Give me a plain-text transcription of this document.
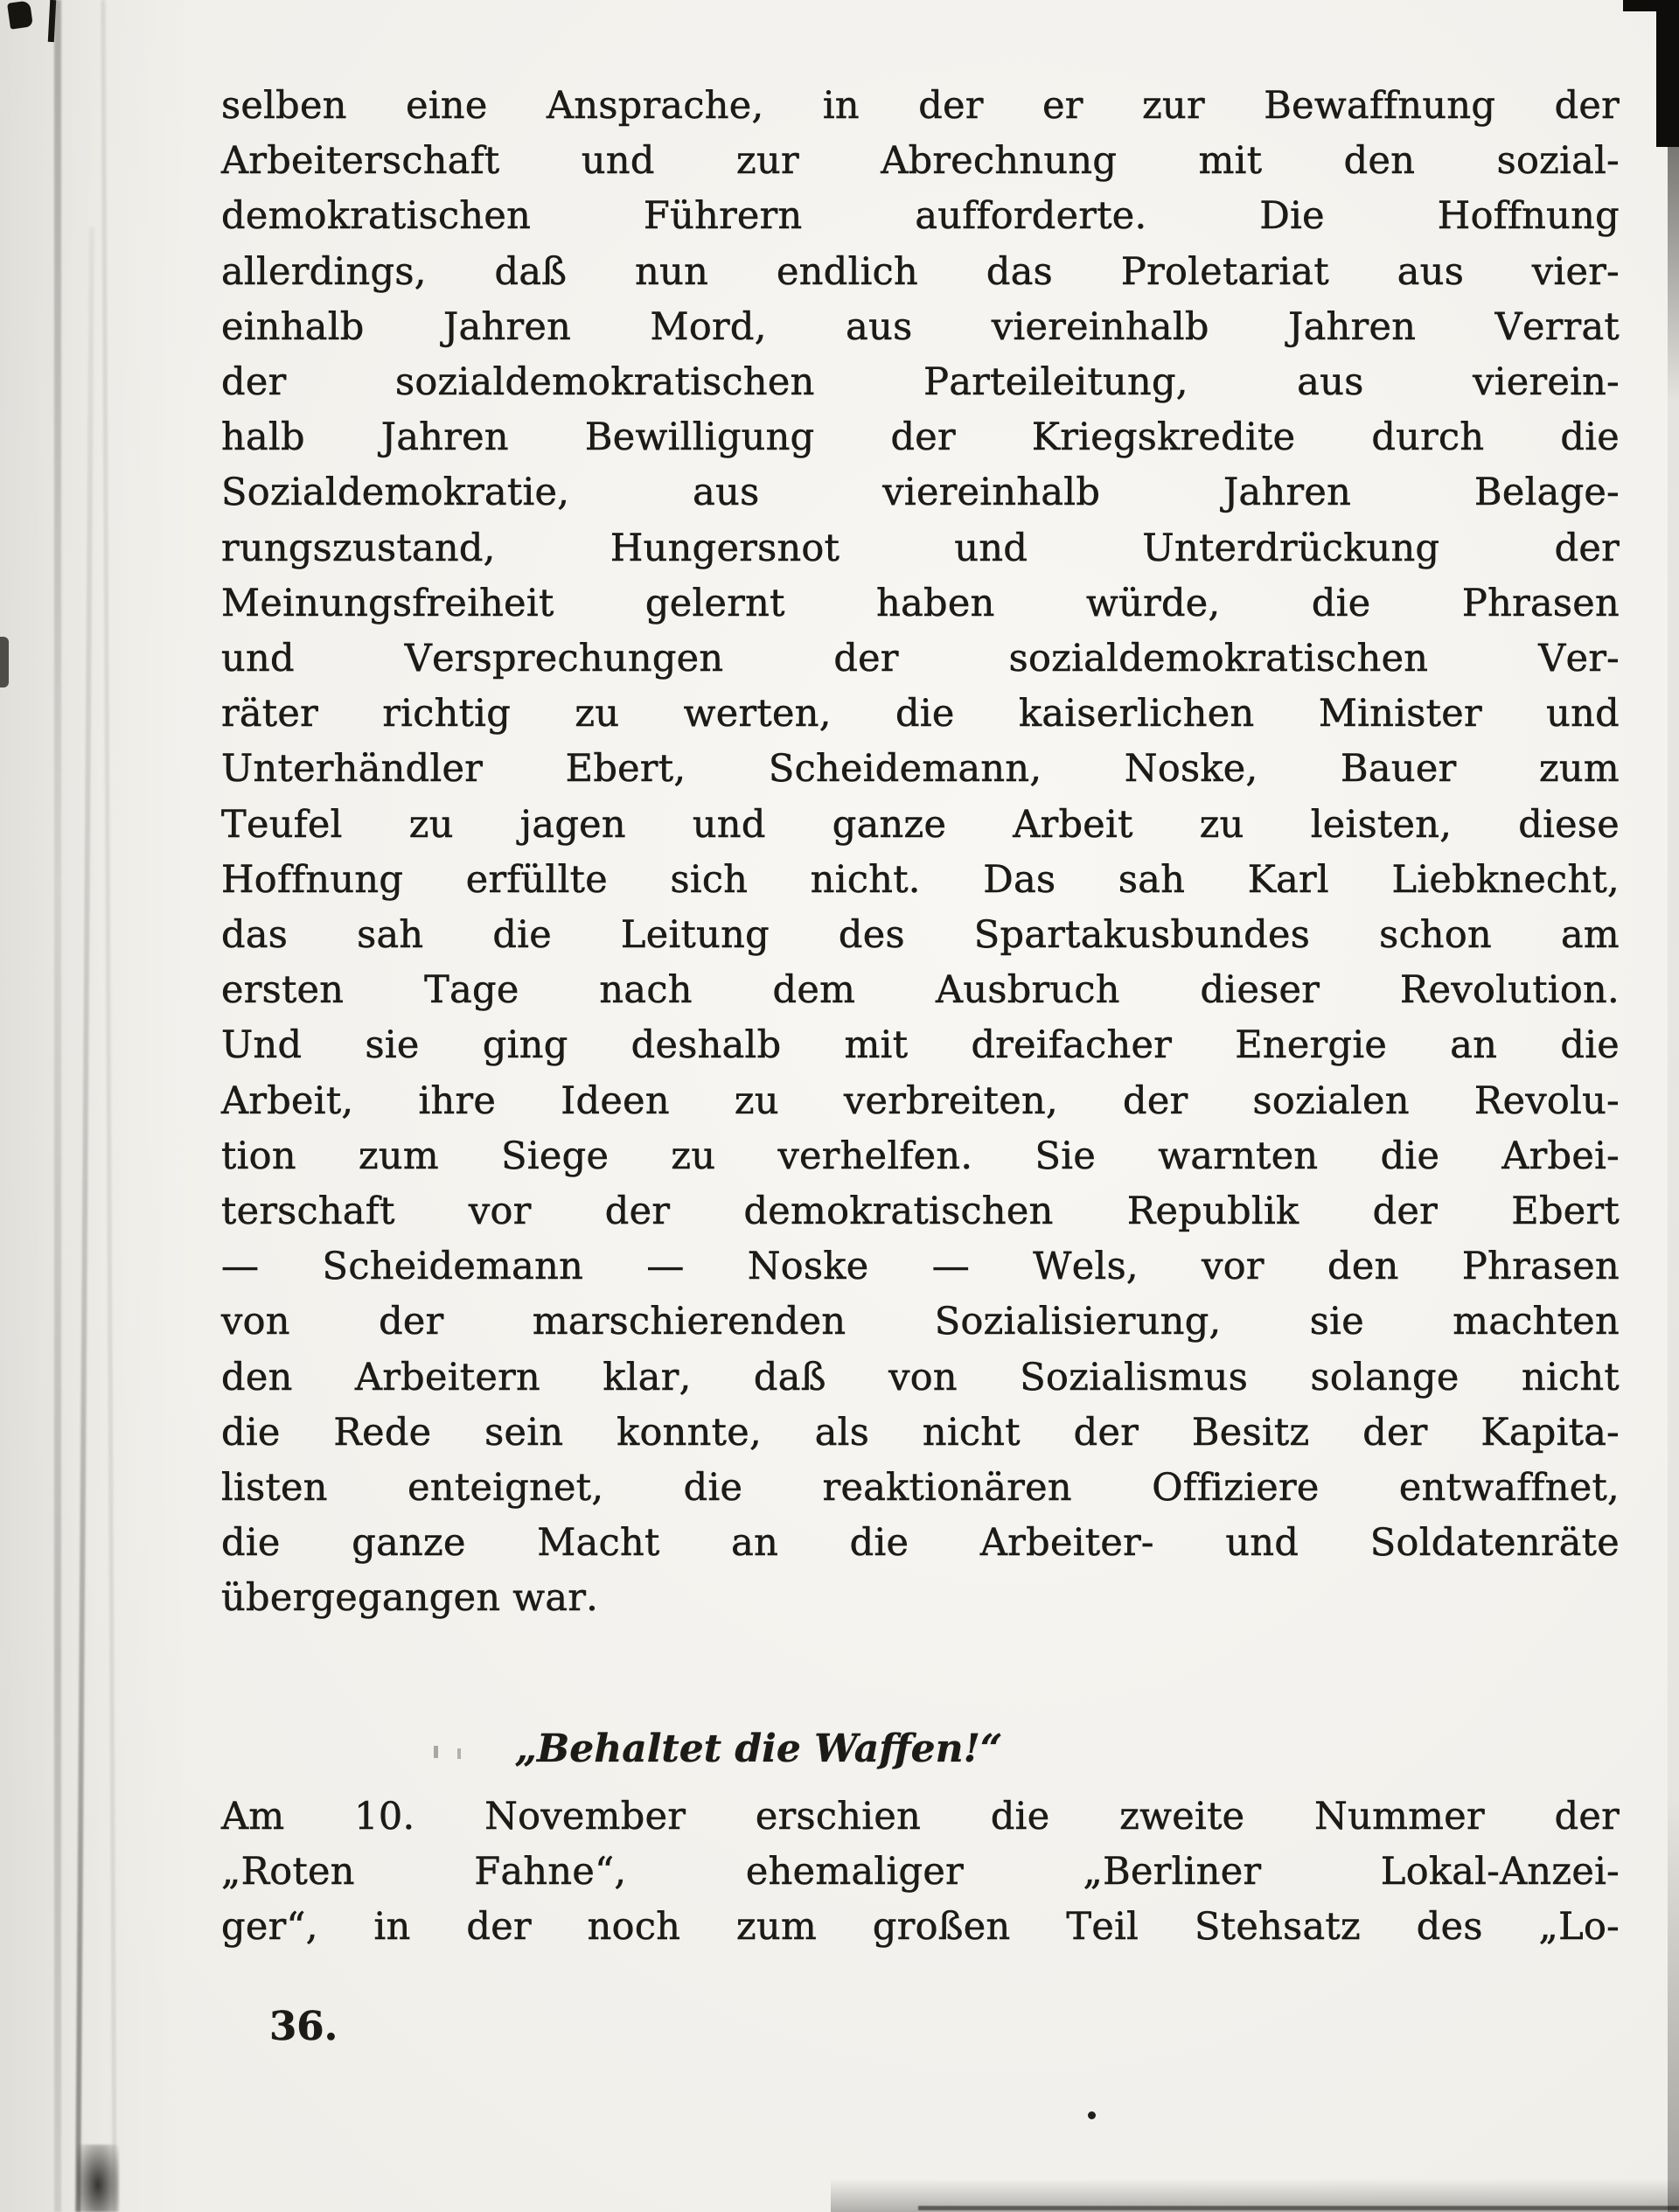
selben eine Ansprache, in der er zur Bewaffnung der
Arbeiterschaft und zur Abrechnung mit den sozial-
demokratischen Führern aufforderte. Die Hoffnung
allerdings, daß nun endlich das Proletariat aus vier-
einhalb Jahren Mord, aus viereinhalb Jahren Verrat
der sozialdemokratischen Parteileitung, aus vierein-
halb Jahren Bewilligung der Kriegskredite durch die
Sozialdemokratie, aus viereinhalb Jahren Belage-
rungszustand, Hungersnot und Unterdrückung der
Meinungsfreiheit gelernt haben würde, die Phrasen
und Versprechungen der sozialdemokratischen Ver-
räter richtig zu werten, die kaiserlichen Minister und
Unterhändler Ebert, Scheidemann, Noske, Bauer zum
Teufel zu jagen und ganze Arbeit zu leisten, diese
Hoffnung erfüllte sich nicht. Das sah Karl Liebknecht,
das sah die Leitung des Spartakusbundes schon am
ersten Tage nach dem Ausbruch dieser Revolution.
Und sie ging deshalb mit dreifacher Energie an die
Arbeit, ihre Ideen zu verbreiten, der sozialen Revolu-
tion zum Siege zu verhelfen. Sie warnten die Arbei-
terschaft vor der demokratischen Republik der Ebert
— Scheidemann — Noske — Wels, vor den Phrasen
von der marschierenden Sozialisierung, sie machten
den Arbeitern klar, daß von Sozialismus solange nicht
die Rede sein konnte, als nicht der Besitz der Kapita-
listen enteignet, die reaktionären Offiziere entwaffnet,
die ganze Macht an die Arbeiter- und Soldatenräte
übergegangen war.
„Behaltet die Waffen!“
Am 10. November erschien die zweite Nummer der
„Roten Fahne“, ehemaliger „Berliner Lokal-Anzei-
ger“, in der noch zum großen Teil Stehsatz des „Lo-
36.
